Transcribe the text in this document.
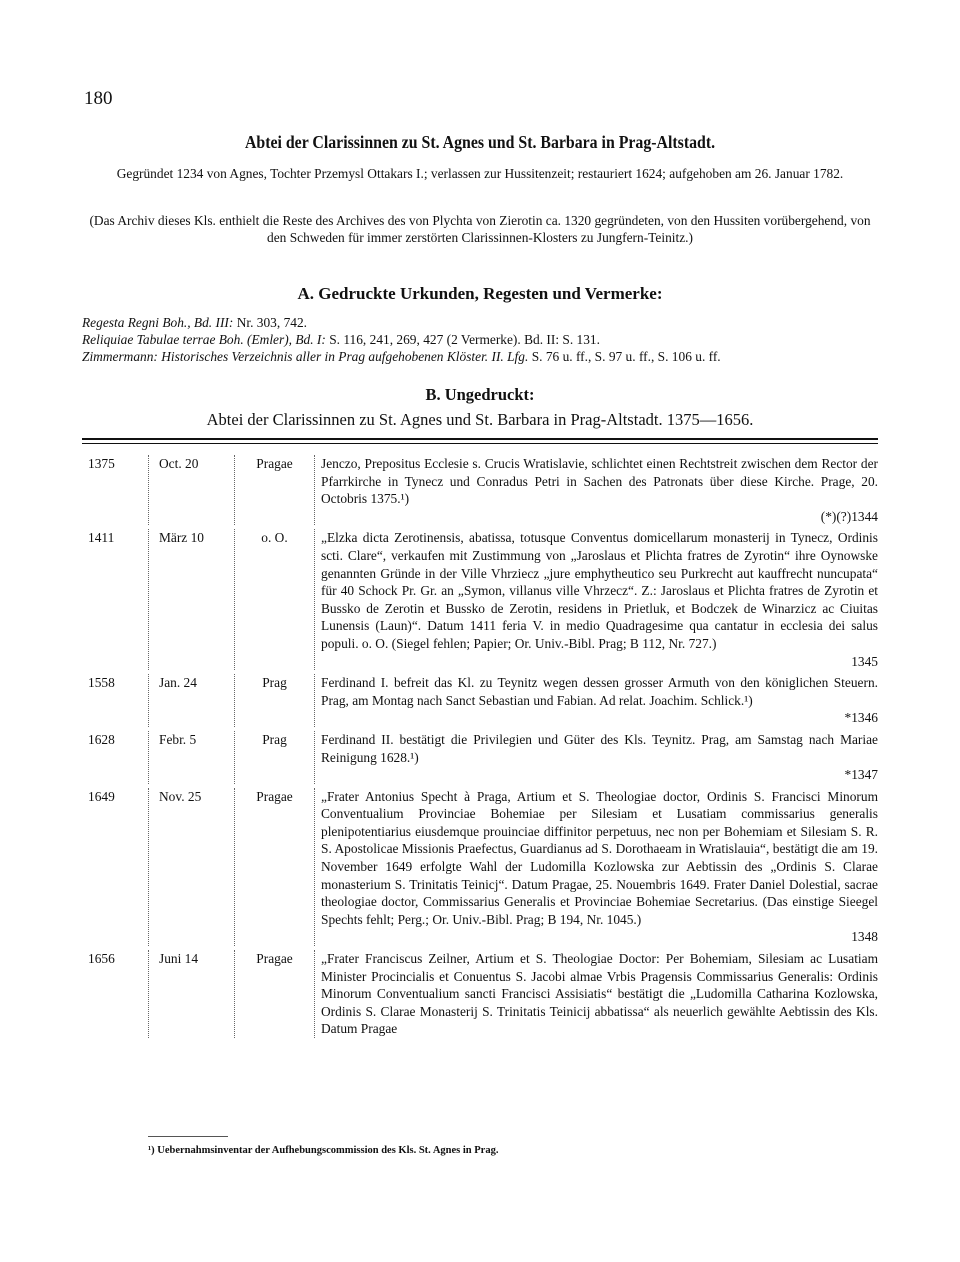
180
Abtei der Clarissinnen zu St. Agnes und St. Barbara in Prag-Altstadt.
Gegründet 1234 von Agnes, Tochter Przemysl Ottakars I.; verlassen zur Hussitenzeit; restauriert 1624; aufgehoben am 26. Januar 1782.
(Das Archiv dieses Kls. enthielt die Reste des Archives des von Plychta von Zierotin ca. 1320 gegründeten, von den Hussiten vorübergehend, von den Schweden für immer zerstörten Clarissinnen-Klosters zu Jungfern-Teinitz.)
A. Gedruckte Urkunden, Regesten und Vermerke:
Regesta Regni Boh., Bd. III: Nr. 303, 742.
Reliquiae Tabulae terrae Boh. (Emler), Bd. I: S. 116, 241, 269, 427 (2 Vermerke). Bd. II: S. 131.
Zimmermann: Historisches Verzeichnis aller in Prag aufgehobenen Klöster. II. Lfg. S. 76 u. ff., S. 97 u. ff., S. 106 u. ff.
B. Ungedruckt:
Abtei der Clarissinnen zu St. Agnes und St. Barbara in Prag-Altstadt. 1375—1656.
1375	Oct. 20	Pragae	Jenczo, Prepositus Ecclesie s. Crucis Wratislavie, schlichtet einen Rechtstreit zwischen dem Rector der Pfarrkirche in Tynecz und Conradus Petri in Sachen des Patronats über diese Kirche. Prage, 20. Octobris 1375.¹)
(*)(?)1344
1411	März 10	o. O.	„Elzka dicta Zerotinensis, abatissa, totusque Conventus domicellarum monasterij in Tynecz, Ordinis scti. Clare“, verkaufen mit Zustimmung von „Jaroslaus et Plichta fratres de Zyrotin“ ihre Oynowske genannten Gründe in der Ville Vhrziecz „jure emphytheutico seu Purkrecht aut kauffrecht nuncupata“ für 40 Schock Pr. Gr. an „Symon, villanus ville Vhrzecz“. Z.: Jaroslaus et Plichta fratres de Zyrotin et Bussko de Zerotin et Bussko de Zerotin, residens in Prietluk, et Bodczek de Winarzicz ac Ciuitas Lunensis (Laun)“. Datum 1411 feria V. in medio Quadragesime qua cantatur in ecclesia dei salus populi. o. O. (Siegel fehlen; Papier; Or. Univ.-Bibl. Prag; B 112, Nr. 727.)
1345
1558	Jan. 24	Prag	Ferdinand I. befreit das Kl. zu Teynitz wegen dessen grosser Armuth von den königlichen Steuern. Prag, am Montag nach Sanct Sebastian und Fabian. Ad relat. Joachim. Schlick.¹)
*1346
1628	Febr. 5	Prag	Ferdinand II. bestätigt die Privilegien und Güter des Kls. Teynitz. Prag, am Samstag nach Mariae Reinigung 1628.¹)
*1347
1649	Nov. 25	Pragae	„Frater Antonius Specht à Praga, Artium et S. Theologiae doctor, Ordinis S. Francisci Minorum Conventualium Provinciae Bohemiae per Silesiam et Lusatiam commissarius generalis plenipotentiarius eiusdemque prouinciae diffinitor perpetuus, nec non per Bohemiam et Silesiam S. R. S. Apostolicae Missionis Praefectus, Guardianus ad S. Dorothaeam in Wratislauia“, bestätigt die am 19. November 1649 erfolgte Wahl der Ludomilla Kozlowska zur Aebtissin des „Ordinis S. Clarae monasterium S. Trinitatis Teinicj“. Datum Pragae, 25. Nouembris 1649. Frater Daniel Dolestial, sacrae theologiae doctor, Commissarius Generalis et Provinciae Bohemiae Secretarius. (Das einstige Sieegel Spechts fehlt; Perg.; Or. Univ.-Bibl. Prag; B 194, Nr. 1045.)
1348
1656	Juni 14	Pragae	„Frater Franciscus Zeilner, Artium et S. Theologiae Doctor: Per Bohemiam, Silesiam ac Lusatiam Minister Procincialis et Conuentus S. Jacobi almae Vrbis Pragensis Commissarius Generalis: Ordinis Minorum Conventualium sancti Francisci Assisiatis“ bestätigt die „Ludomilla Catharina Kozlowska, Ordinis S. Clarae Monasterij S. Trinitatis Teinicij abbatissa“ als neuerlich gewählte Aebtissin des Kls. Datum Pragae
¹) Uebernahmsinventar der Aufhebungscommission des Kls. St. Agnes in Prag.
